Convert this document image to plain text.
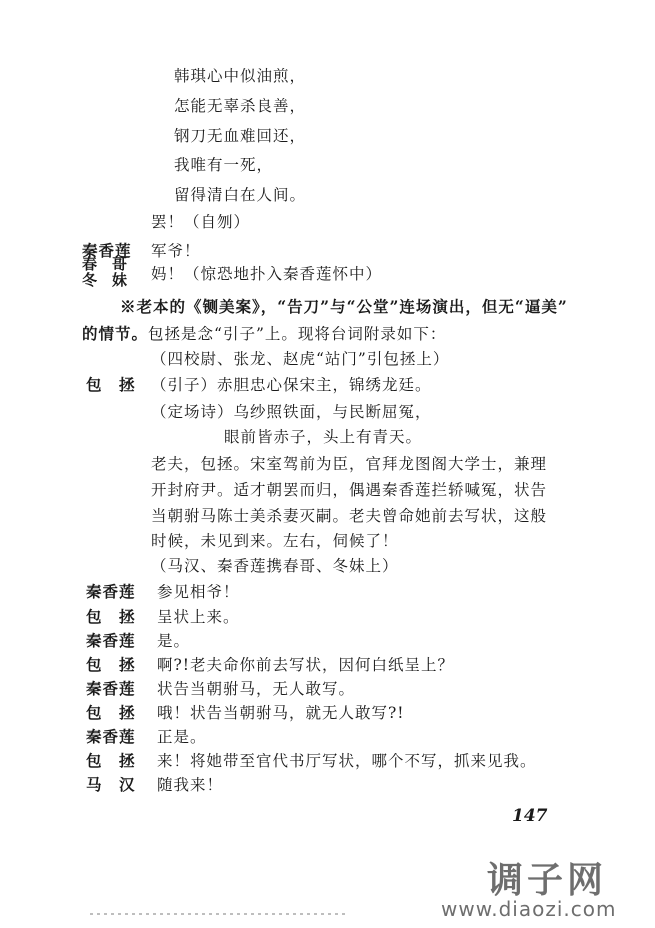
韩琪心中似油煎，
怎能无辜杀良善，
钢刀无血难回还，
我唯有一死，
留得清白在人间。
罢！（自刎）
秦香莲 军爷！
春　哥
冬　妹 妈！（惊恐地扑入秦香莲怀中）
※老本的《铡美案》，“告刀”与“公堂”连场演出，但无“逼美”
的情节。包拯是念“引子”上。现将台词附录如下：
（四校尉、张龙、赵虎“站门”引包拯上）
包　拯 （引子）赤胆忠心保宋主，锦绣龙廷。
（定场诗）乌纱照铁面，与民断屈冤，
眼前皆赤子，头上有青天。
老夫，包拯。宋室驾前为臣，官拜龙图阁大学士，兼理
开封府尹。适才朝罢而归，偶遇秦香莲拦轿喊冤，状告
当朝驸马陈士美杀妻灭嗣。老夫曾命她前去写状，这般
时候，未见到来。左右，伺候了！
（马汉、秦香莲携春哥、冬妹上）
秦香莲 参见相爷！
包　拯 呈状上来。
秦香莲 是。
包　拯 啊?!老夫命你前去写状，因何白纸呈上？
秦香莲 状告当朝驸马，无人敢写。
包　拯 哦！状告当朝驸马，就无人敢写?!
秦香莲 正是。
包　拯 来！将她带至官代书厅写状，哪个不写，抓来见我。
马　汉 随我来！
147
调子网
www.diaozi.com
